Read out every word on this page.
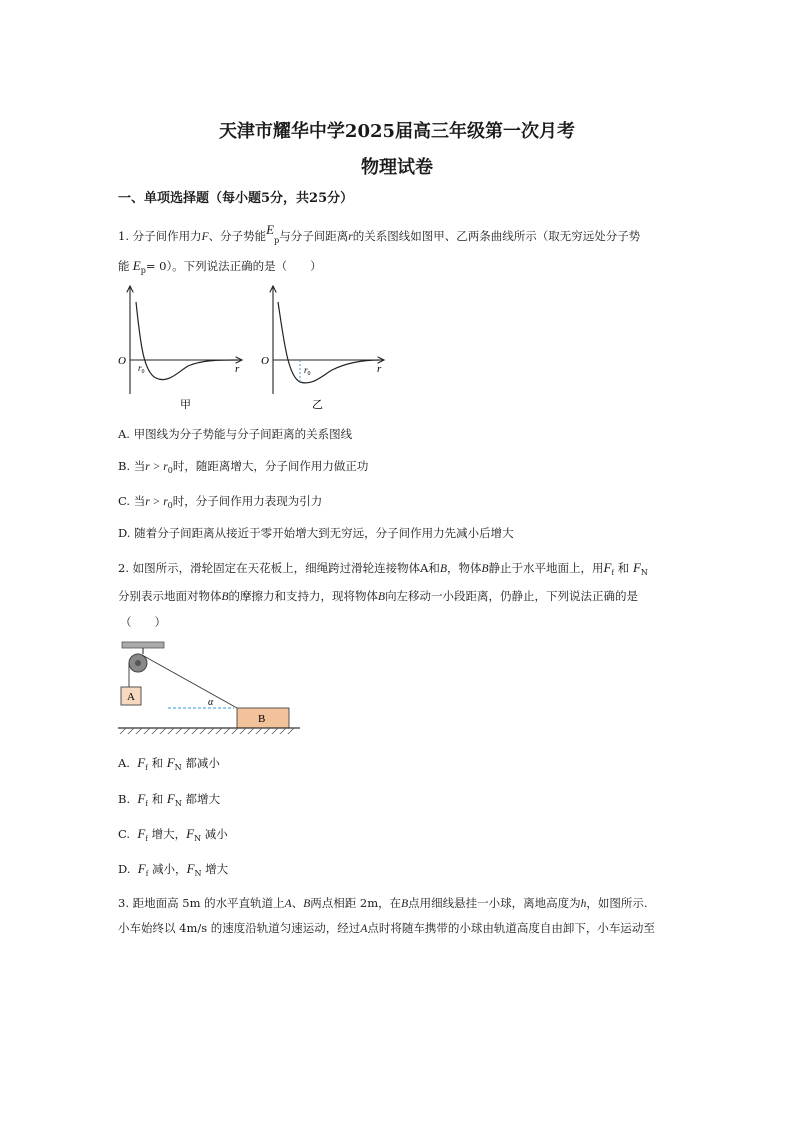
天津市耀华中学2025届高三年级第一次月考
物理试卷
一、单项选择题（每小题5分，共25分）
1. 分子间作用力F、分子势能$E_p$与分子间距离r的关系图线如图甲、乙两条曲线所示（取无穷远处分子势
能 $E_p= 0$）。下列说法正确的是（　　）
O
r
$r_0$
甲
O
r
$r_0$
乙
A. 甲图线为分子势能与分子间距离的关系图线
B. 当$r > r_0$时，随距离增大，分子间作用力做正功
C. 当$r > r_0$时，分子间作用力表现为引力
D. 随着分子间距离从接近于零开始增大到无穷远，分子间作用力先减小后增大
2. 如图所示，滑轮固定在天花板上，细绳跨过滑轮连接物体A和B，物体B静止于水平地面上，用$F_f$ 和 $F_N$
分别表示地面对物体B的摩擦力和支持力，现将物体B向左移动一小段距离，仍静止，下列说法正确的是
（　　）
A	α
B
A. $F_f$ 和 $F_N$ 都减小
B. $F_f$ 和 $F_N$ 都增大
C. $F_f$ 增大，$F_N$ 减小
D. $F_f$ 减小，$F_N$ 增大
3. 距地面高 5m 的水平直轨道上A、B两点相距 2m，在B点用细线悬挂一小球，离地高度为h，如图所示.
小车始终以 4m/s 的速度沿轨道匀速运动，经过A点时将随车携带的小球由轨道高度自由卸下，小车运动至
